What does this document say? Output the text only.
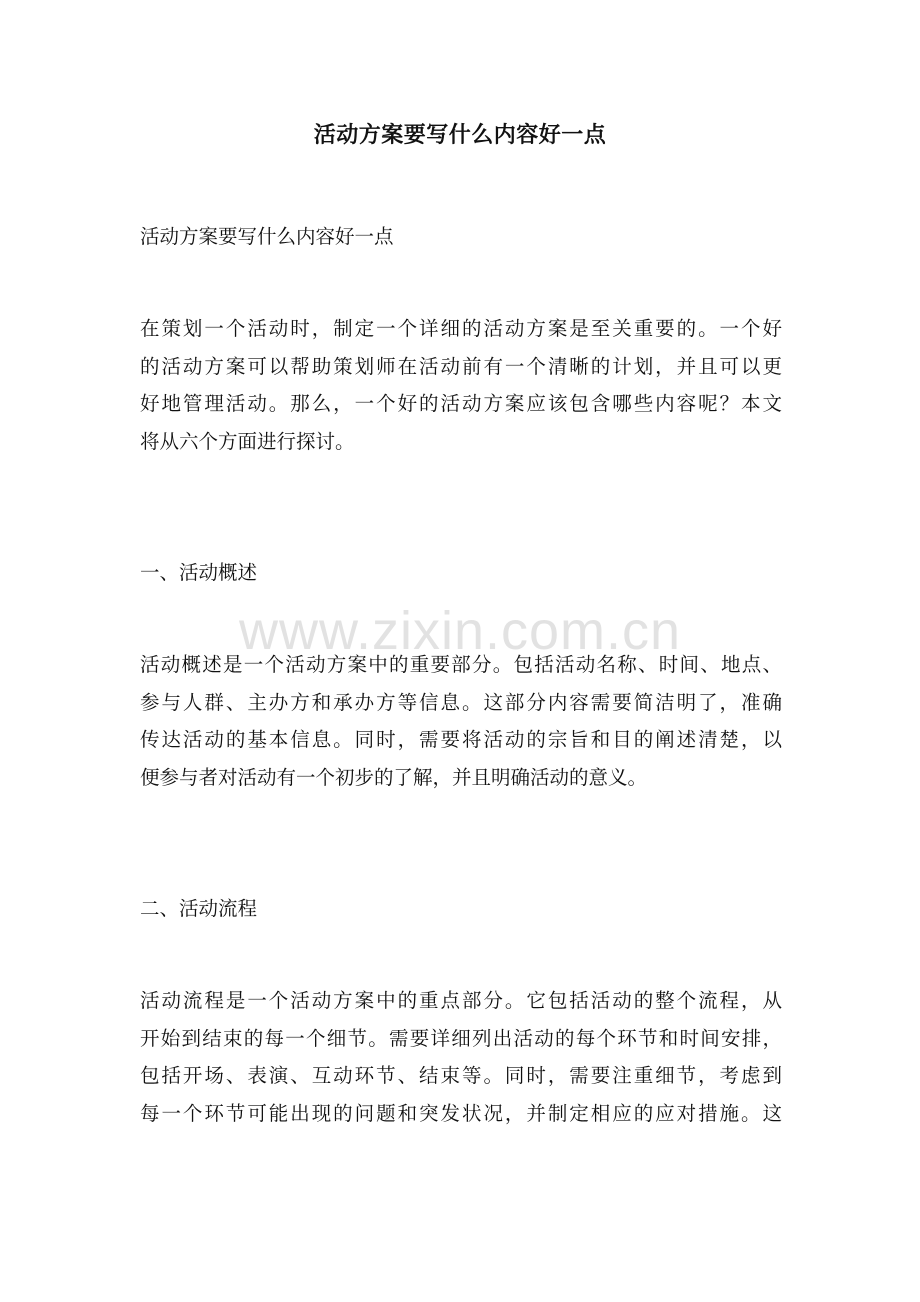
活动方案要写什么内容好一点

活动方案要写什么内容好一点

在策划一个活动时，制定一个详细的活动方案是至关重要的。一个好
的活动方案可以帮助策划师在活动前有一个清晰的计划，并且可以更
好地管理活动。那么，一个好的活动方案应该包含哪些内容呢？本文
将从六个方面进行探讨。

一、活动概述

活动概述是一个活动方案中的重要部分。包括活动名称、时间、地点、
参与人群、主办方和承办方等信息。这部分内容需要简洁明了，准确
传达活动的基本信息。同时，需要将活动的宗旨和目的阐述清楚，以
便参与者对活动有一个初步的了解，并且明确活动的意义。

二、活动流程

活动流程是一个活动方案中的重点部分。它包括活动的整个流程，从
开始到结束的每一个细节。需要详细列出活动的每个环节和时间安排，
包括开场、表演、互动环节、结束等。同时，需要注重细节，考虑到
每一个环节可能出现的问题和突发状况，并制定相应的应对措施。这

www.zixin.com.cn
